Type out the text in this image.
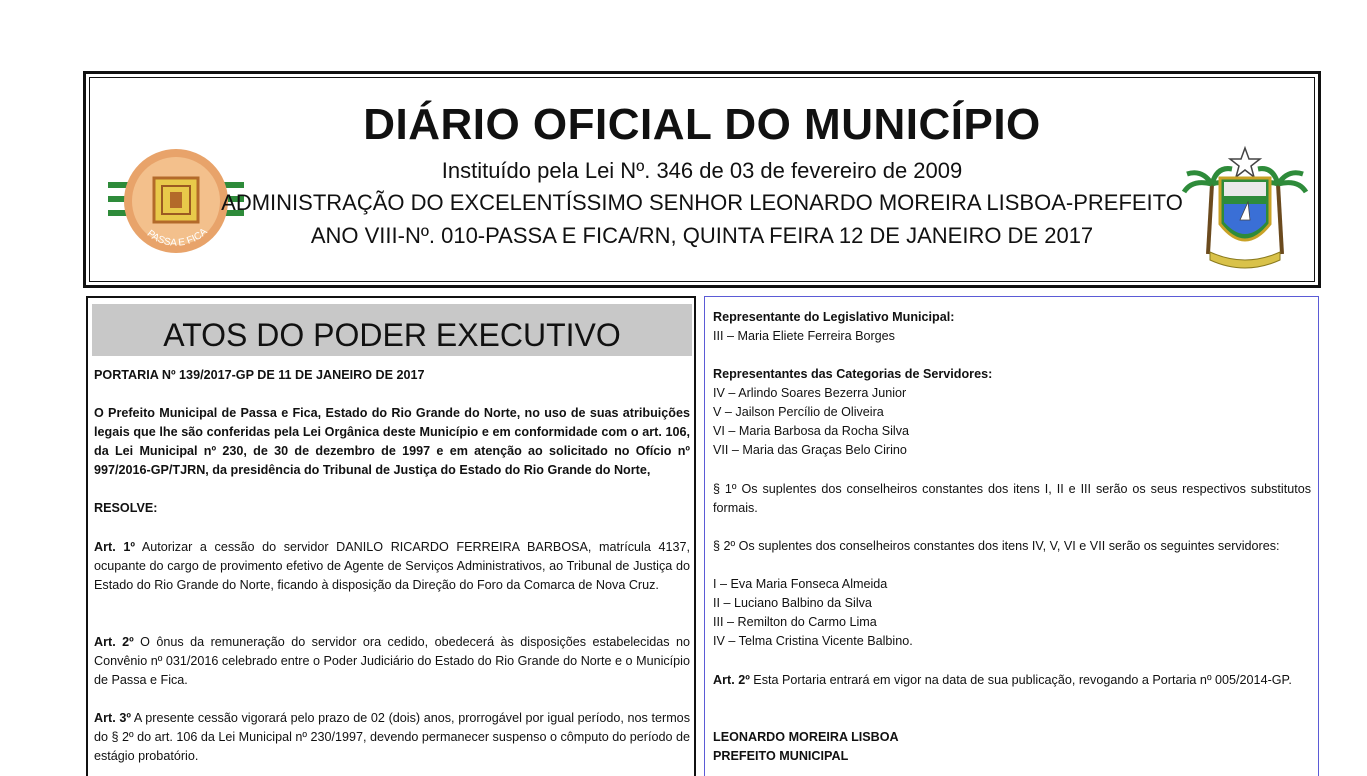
PASSA E FICA
DIÁRIO OFICIAL DO MUNICÍPIO
Instituído pela Lei Nº. 346 de 03 de fevereiro de 2009
ADMINISTRAÇÃO DO EXCELENTÍSSIMO SENHOR LEONARDO MOREIRA LISBOA-PREFEITO
ANO VIII-Nº. 010-PASSA E FICA/RN, QUINTA FEIRA 12 DE JANEIRO DE 2017
ATOS DO PODER EXECUTIVO
PORTARIA Nº 139/2017-GP DE 11 DE JANEIRO DE 2017
O Prefeito Municipal de Passa e Fica, Estado do Rio Grande do Norte, no uso de suas atribuições legais que lhe são conferidas pela Lei Orgânica deste Município e em conformidade com o art. 106, da Lei Municipal nº 230, de 30 de dezembro de 1997 e em atenção ao solicitado no Ofício nº 997/2016-GP/TJRN, da presidência do Tribunal de Justiça do Estado do Rio Grande do Norte,
RESOLVE:

Art. 1º Autorizar a cessão do servidor DANILO RICARDO FERREIRA BARBOSA, matrícula 4137, ocupante do cargo de provimento efetivo de Agente de Serviços Administrativos, ao Tribunal de Justiça do Estado do Rio Grande do Norte, ficando à disposição da Direção do Foro da Comarca de Nova Cruz.

Art. 2º O ônus da remuneração do servidor ora cedido, obedecerá às disposições estabelecidas no Convênio nº 031/2016 celebrado entre o Poder Judiciário do Estado do Rio Grande do Norte e o Município de Passa e Fica.

Art. 3º A presente cessão vigorará pelo prazo de 02 (dois) anos, prorrogável por igual período, nos termos do § 2º do art. 106 da Lei Municipal nº 230/1997, devendo permanecer suspenso o cômputo do período de estágio probatório.

Representante do Legislativo Municipal:
III – Maria Eliete Ferreira Borges
Representantes das Categorias de Servidores:
IV – Arlindo Soares Bezerra Junior
V – Jailson Percílio de Oliveira
VI – Maria Barbosa da Rocha Silva
VII – Maria das Graças Belo Cirino
§ 1º Os suplentes dos conselheiros constantes dos itens I, II e III serão os seus respectivos substitutos formais.
§ 2º Os suplentes dos conselheiros constantes dos itens IV, V, VI e VII serão os seguintes servidores:
I – Eva Maria Fonseca Almeida
II – Luciano Balbino da Silva
III – Remilton do Carmo Lima
IV – Telma Cristina Vicente Balbino.

Art. 2º Esta Portaria entrará em vigor na data de sua publicação, revogando a Portaria nº 005/2014-GP.

LEONARDO MOREIRA LISBOA
PREFEITO MUNICIPAL
